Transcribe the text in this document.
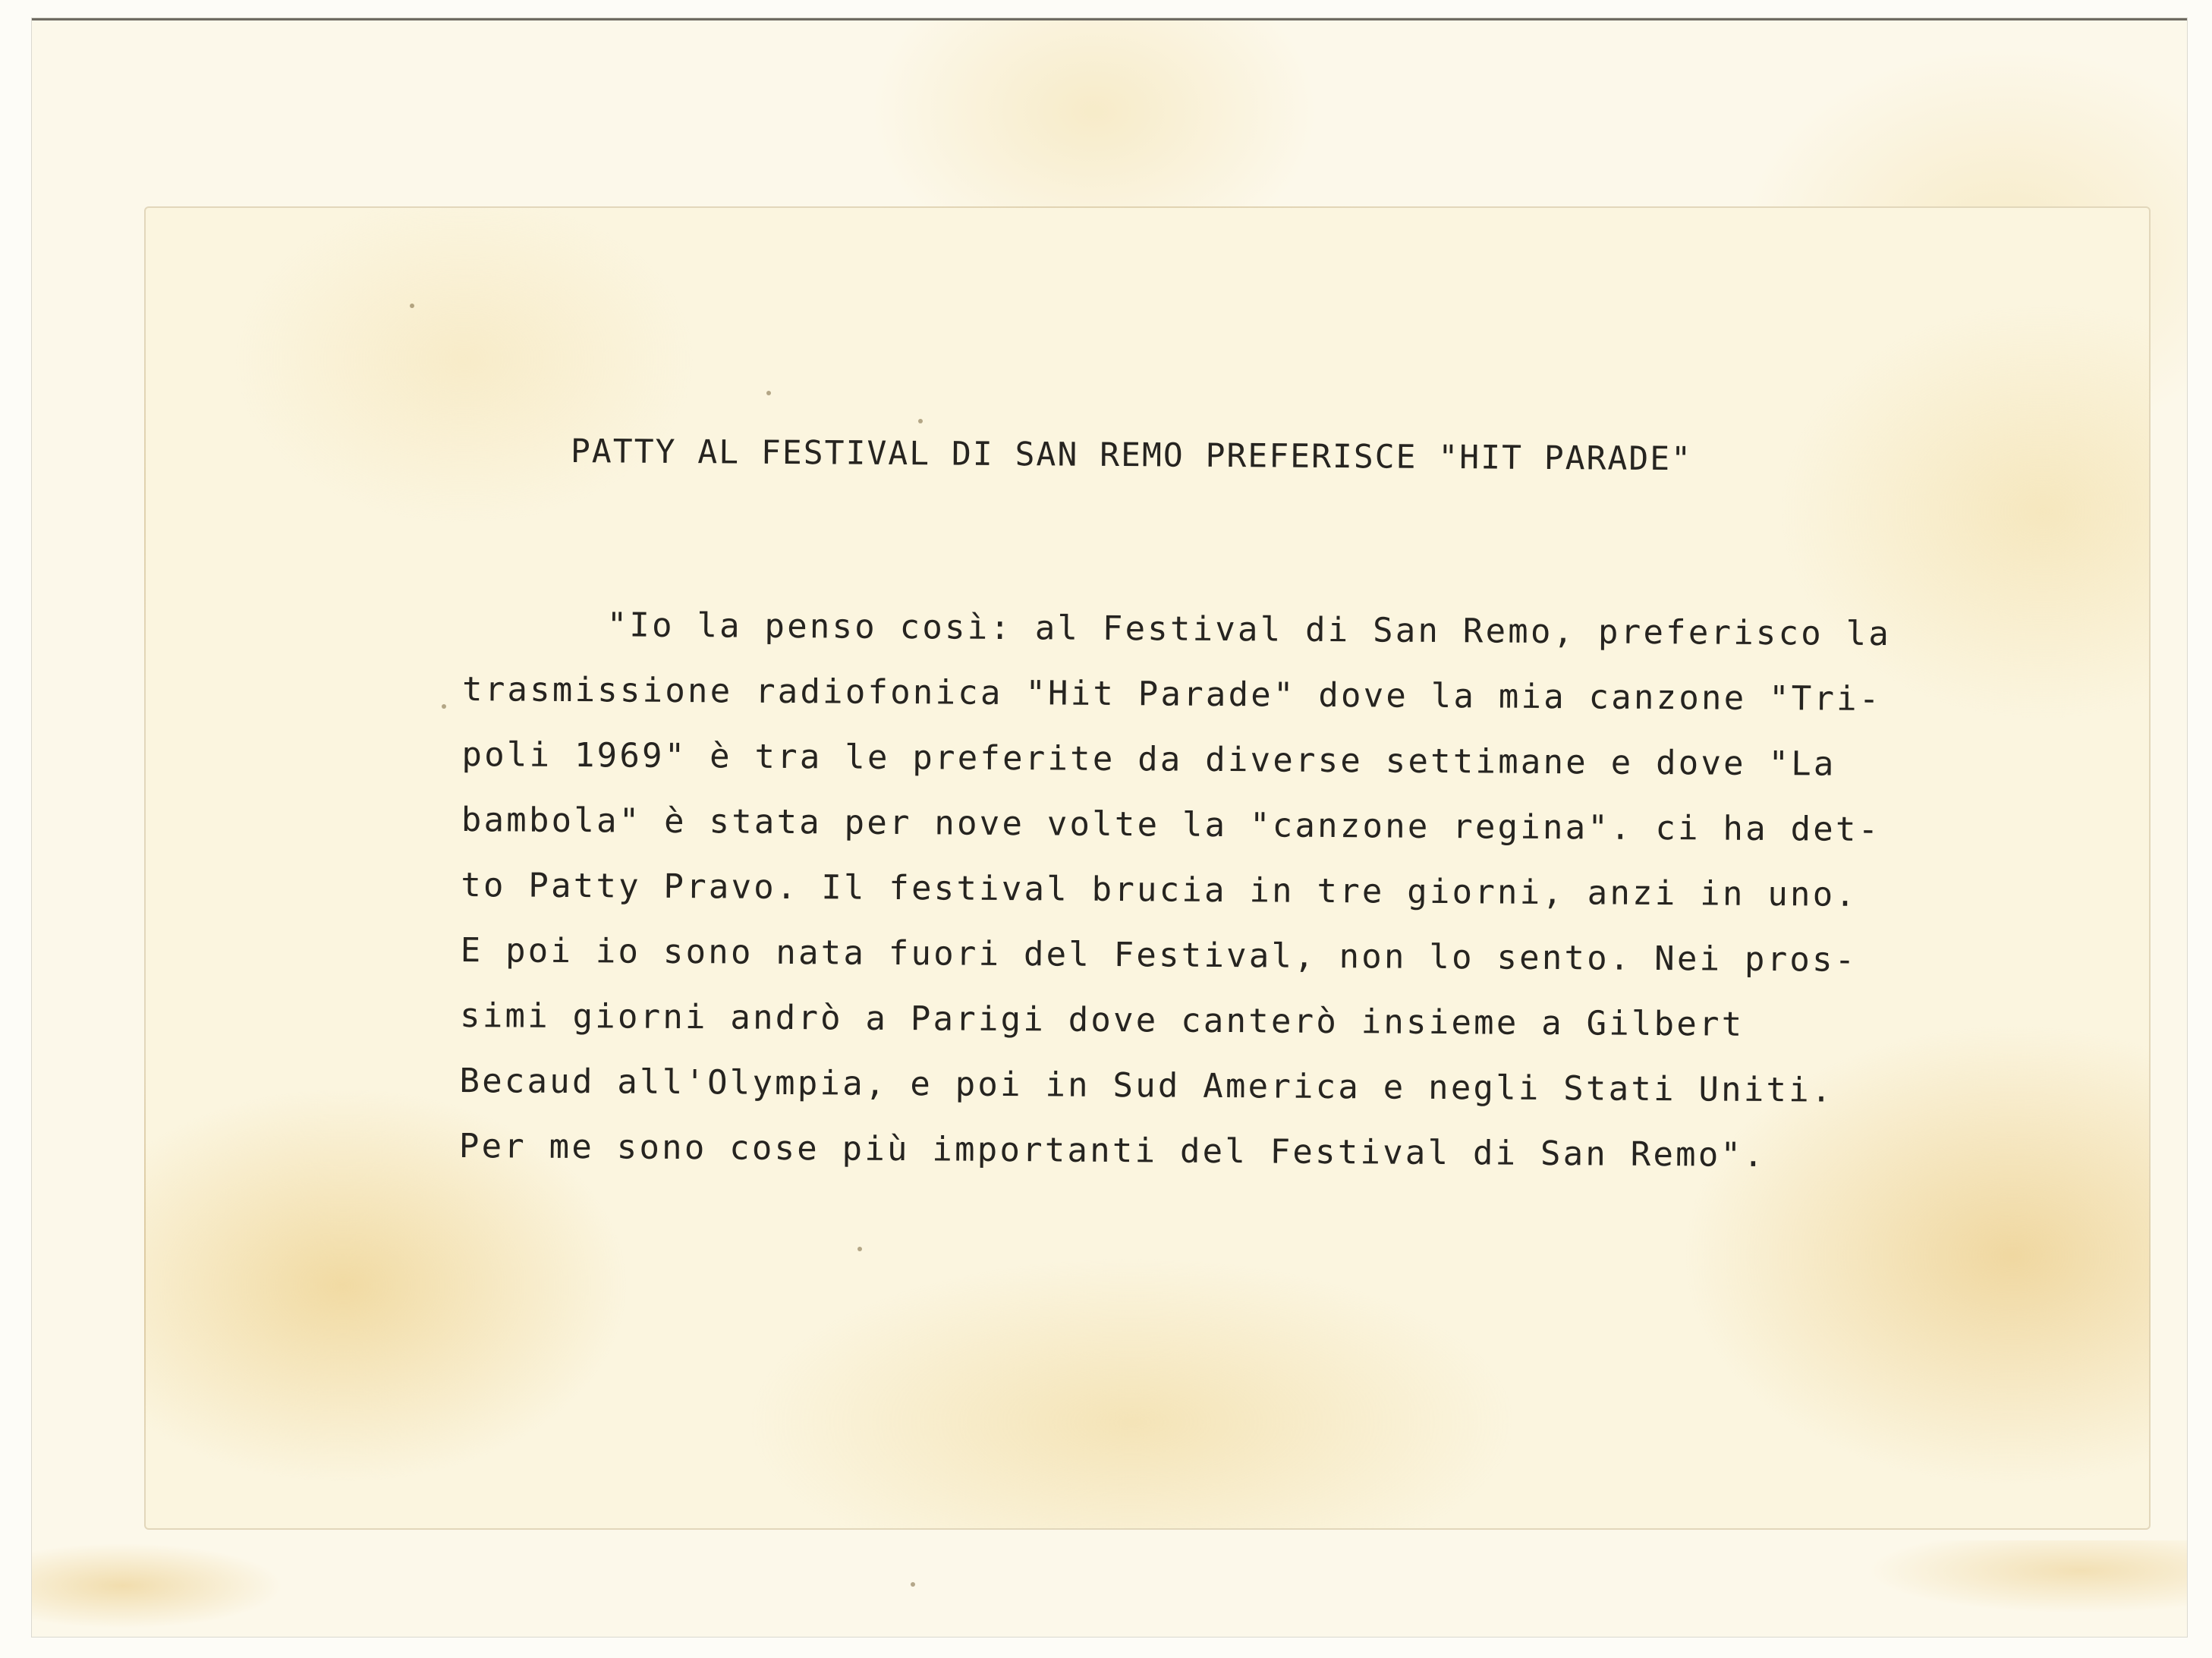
PATTY AL FESTIVAL DI SAN REMO PREFERISCE "HIT PARADE"
"Io la penso così: al Festival di San Remo, preferisco la
trasmissione radiofonica "Hit Parade" dove la mia canzone "Tri-
poli 1969" è tra le preferite da diverse settimane e dove "La
bambola" è stata per nove volte la "canzone regina". ci ha det-
to Patty Pravo. Il festival brucia in tre giorni, anzi in uno.
E poi io sono nata fuori del Festival, non lo sento. Nei pros-
simi giorni andrò a Parigi dove canterò insieme a Gilbert
Becaud all'Olympia, e poi in Sud America e negli Stati Uniti.
Per me sono cose più importanti del Festival di San Remo".
